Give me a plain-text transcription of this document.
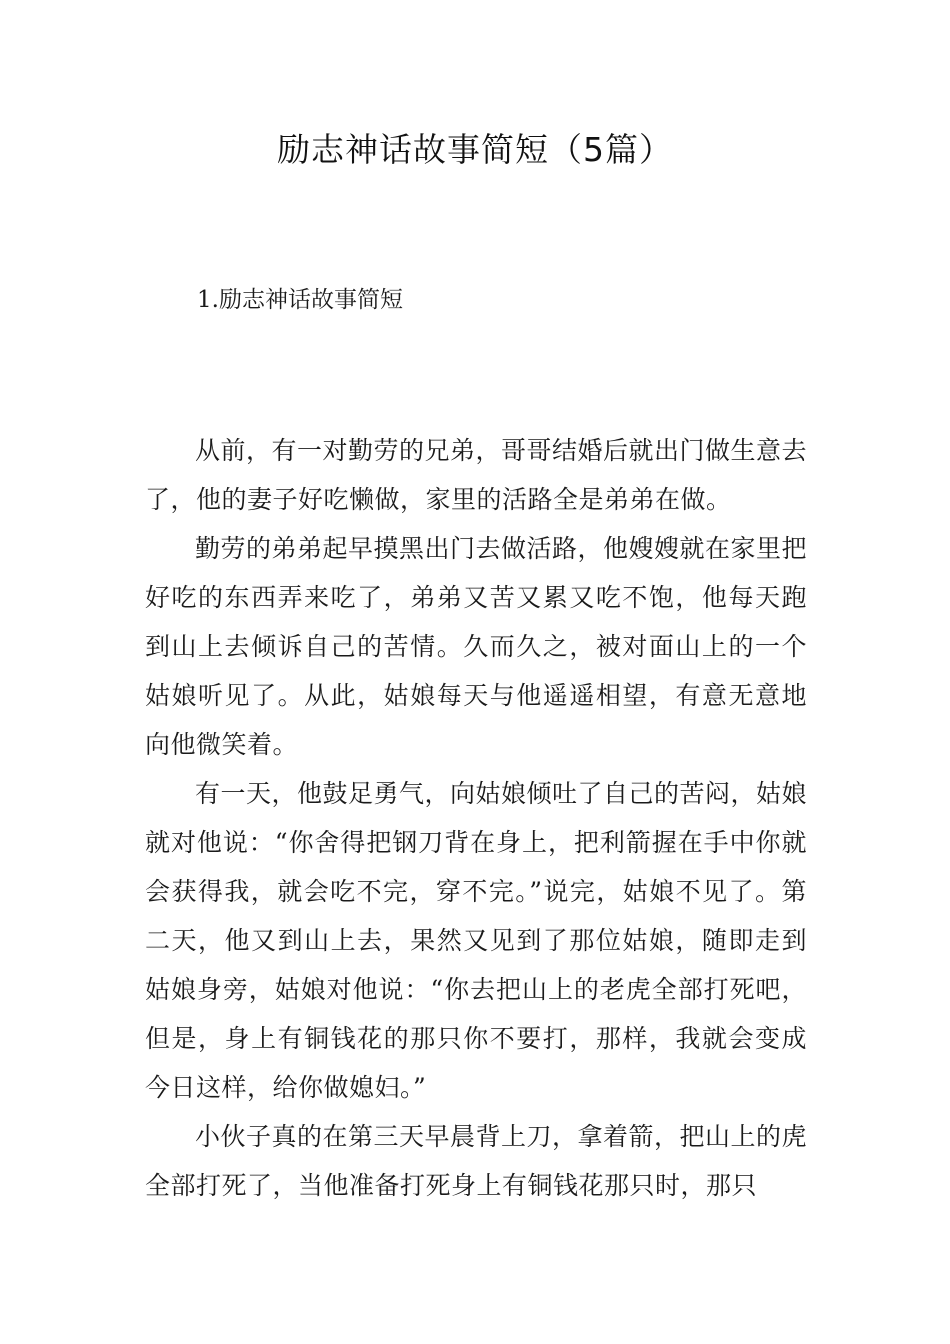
励志神话故事简短（5篇）
1.励志神话故事简短

从前，有一对勤劳的兄弟，哥哥结婚后就出门做生意去了，他的妻子好吃懒做，家里的活路全是弟弟在做。

勤劳的弟弟起早摸黑出门去做活路，他嫂嫂就在家里把好吃的东西弄来吃了，弟弟又苦又累又吃不饱，他每天跑到山上去倾诉自己的苦情。久而久之，被对面山上的一个姑娘听见了。从此，姑娘每天与他遥遥相望，有意无意地向他微笑着。

有一天，他鼓足勇气，向姑娘倾吐了自己的苦闷，姑娘就对他说：“你舍得把钢刀背在身上，把利箭握在手中你就会获得我，就会吃不完，穿不完。”说完，姑娘不见了。第二天，他又到山上去，果然又见到了那位姑娘，随即走到姑娘身旁，姑娘对他说：“你去把山上的老虎全部打死吧，但是，身上有铜钱花的那只你不要打，那样，我就会变成今日这样，给你做媳妇。”

小伙子真的在第三天早晨背上刀，拿着箭，把山上的虎全部打死了，当他准备打死身上有铜钱花那只时，那只
